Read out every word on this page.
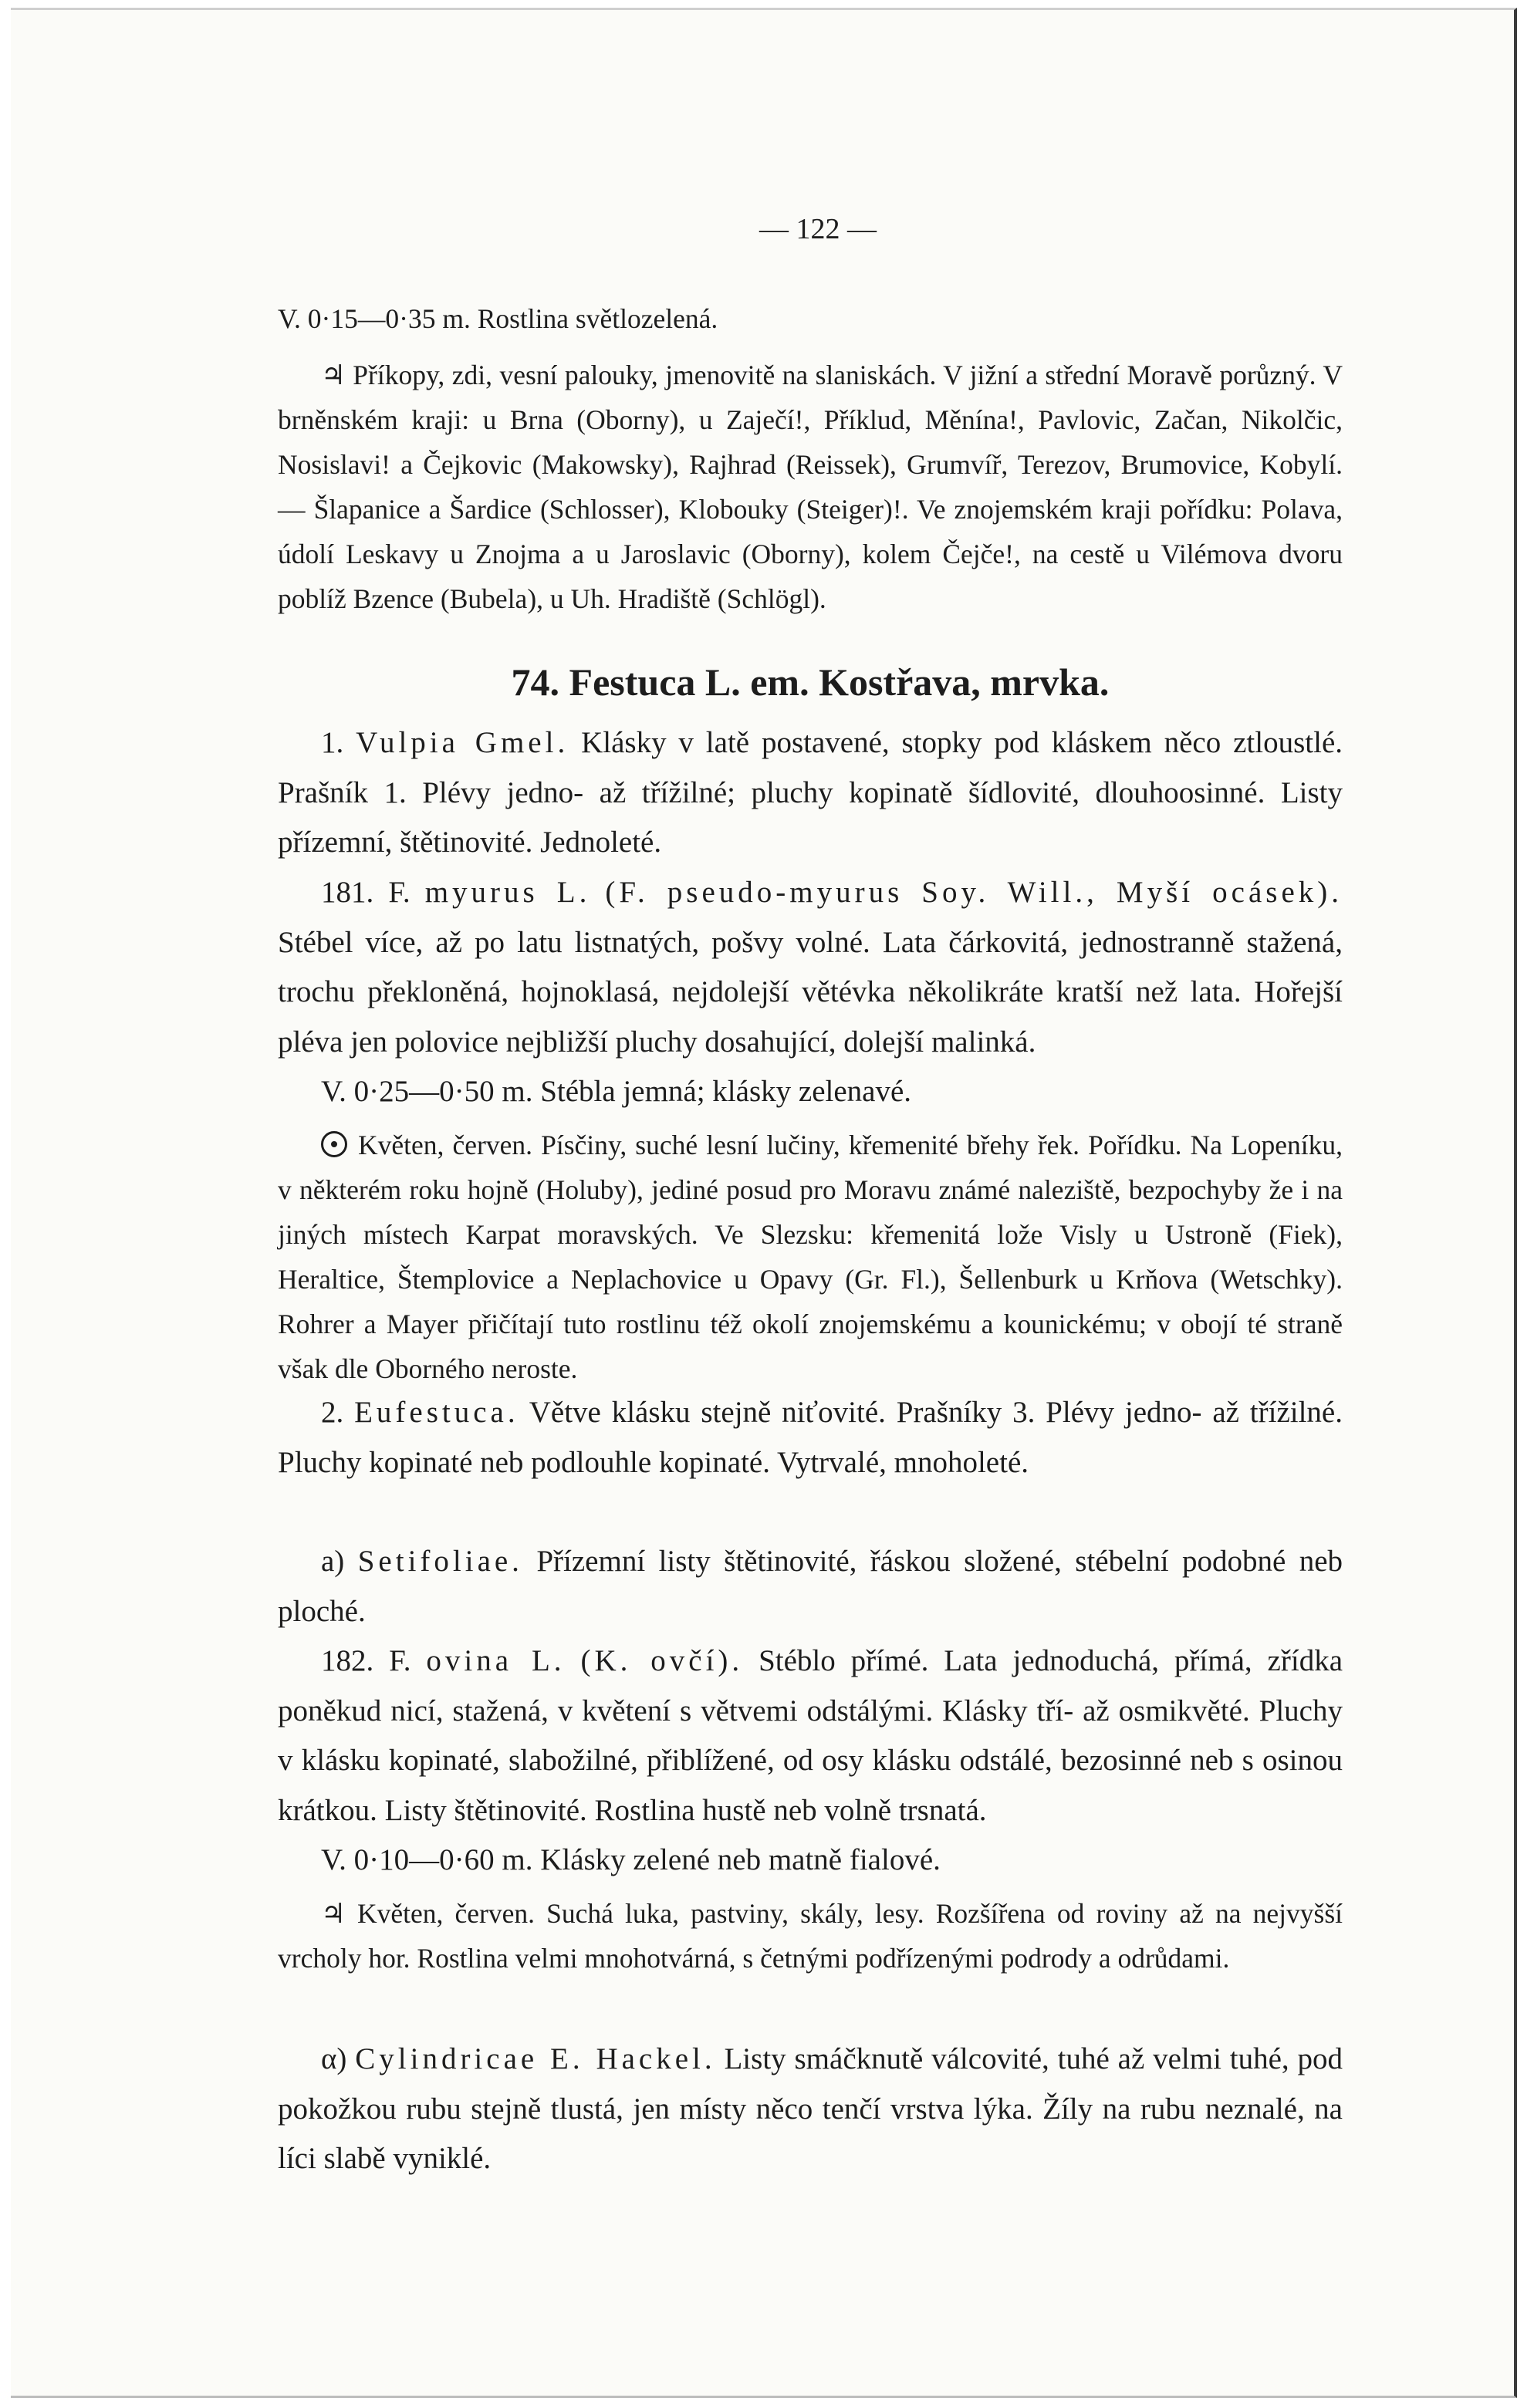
— 122 —

V. 0·15—0·35 m. Rostlina světlozelená.

♃ Příkopy, zdi, vesní palouky, jmenovitě na slaniskách. V jižní a střední Moravě porůzný. V brněnském kraji: u Brna (Oborny), u Zaječí!, Příklud, Měnína!, Pavlovic, Začan, Nikolčic, Nosislavi! a Čejkovic (Makowsky), Rajhrad (Reissek), Grumvíř, Terezov, Brumovice, Kobylí. — Šlapanice a Šardice (Schlosser), Klobouky (Steiger)!. Ve znojemském kraji pořídku: Polava, údolí Leskavy u Znojma a u Jaroslavic (Oborny), kolem Čejče!, na cestě u Vilémova dvoru poblíž Bzence (Bubela), u Uh. Hradiště (Schlögl).

74. Festuca L. em. Kostřava, mrvka.

1. Vulpia Gmel. Klásky v latě postavené, stopky pod kláskem něco ztloustlé. Prašník 1. Plévy jedno- až třížilné; pluchy kopinatě šídlovité, dlouhoosinné. Listy přízemní, štětinovité. Jednoleté.

181. F. myurus L. (F. pseudo-myurus Soy. Will., Myší ocásek). Stébel více, až po latu listnatých, pošvy volné. Lata čárkovitá, jednostranně stažená, trochu překloněná, hojnoklasá, nejdolejší větévka několikráte kratší než lata. Hořejší pléva jen polovice nejbližší pluchy dosahující, dolejší malinká.

V. 0·25—0·50 m. Stébla jemná; klásky zelenavé.

Květen, červen. Písčiny, suché lesní lučiny, křemenité břehy řek. Pořídku. Na Lopeníku, v některém roku hojně (Holuby), jediné posud pro Moravu známé naleziště, bezpochyby že i na jiných místech Karpat moravských. Ve Slezsku: křemenitá lože Visly u Ustroně (Fiek), Heraltice, Štemplovice a Neplachovice u Opavy (Gr. Fl.), Šellenburk u Krňova (Wetschky). Rohrer a Mayer přičítají tuto rostlinu též okolí znojemskému a kounickému; v obojí té straně však dle Oborného neroste.

2. Eufestuca. Větve klásku stejně niťovité. Prašníky 3. Plévy jedno- až třížilné. Pluchy kopinaté neb podlouhle kopinaté. Vytrvalé, mnoholeté.

a) Setifoliae. Přízemní listy štětinovité, řáskou složené, stébelní podobné neb ploché.

182. F. ovina L. (K. ovčí). Stéblo přímé. Lata jednoduchá, přímá, zřídka poněkud nicí, stažená, v květení s větvemi odstálými. Klásky tří- až osmikvěté. Pluchy v klásku kopinaté, slabožilné, přiblížené, od osy klásku odstálé, bezosinné neb s osinou krátkou. Listy štětinovité. Rostlina hustě neb volně trsnatá.

V. 0·10—0·60 m. Klásky zelené neb matně fialové.

♃ Květen, červen. Suchá luka, pastviny, skály, lesy. Rozšířena od roviny až na nejvyšší vrcholy hor. Rostlina velmi mnohotvárná, s četnými podřízenými podrody a odrůdami.

α) Cylindricae E. Hackel. Listy smáčknutě válcovité, tuhé až velmi tuhé, pod pokožkou rubu stejně tlustá, jen místy něco tenčí vrstva lýka. Žíly na rubu neznalé, na líci slabě vyniklé.
